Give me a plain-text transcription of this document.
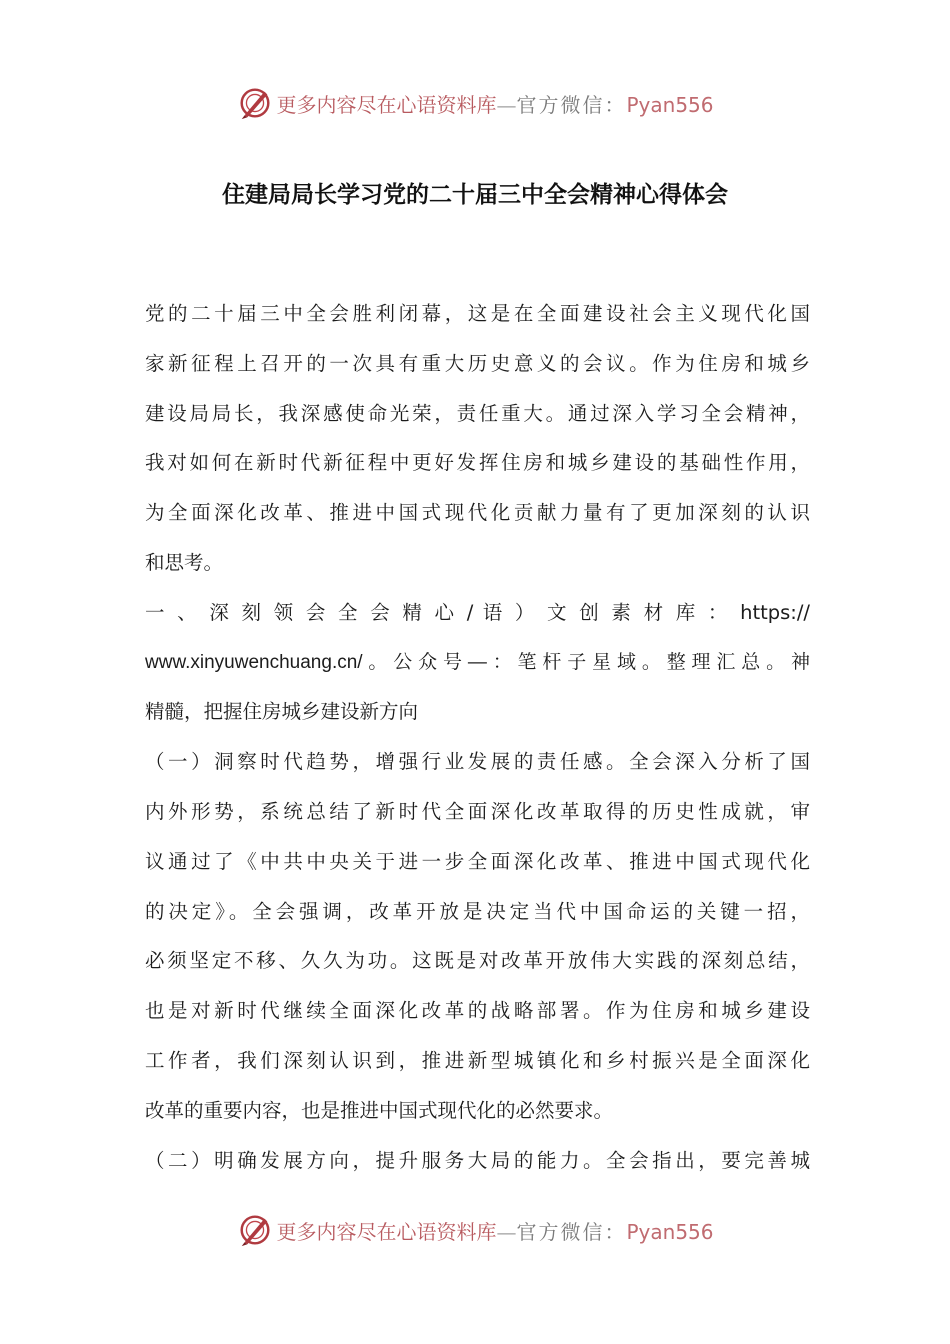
更多内容尽在心语资料库—官方微信：Pyan556
住建局局长学习党的二十届三中全会精神心得体会
党的二十届三中全会胜利闭幕，这是在全面建设社会主义现代化国
家新征程上召开的一次具有重大历史意义的会议。作为住房和城乡
建设局局长，我深感使命光荣，责任重大。通过深入学习全会精神，
我对如何在新时代新征程中更好发挥住房和城乡建设的基础性作用，
为全面深化改革、推进中国式现代化贡献力量有了更加深刻的认识
和思考。
一 、 深 刻 领 会 全 会 精 心 / 语 ） 文 创 素 材 库 ： https://
www.xinyuwenchuang.cn/。公众号—：笔杆子星域。整理汇总。神
精髓，把握住房城乡建设新方向
（一）洞察时代趋势，增强行业发展的责任感。全会深入分析了国
内外形势，系统总结了新时代全面深化改革取得的历史性成就，审
议通过了《中共中央关于进一步全面深化改革、推进中国式现代化
的决定》。全会强调，改革开放是决定当代中国命运的关键一招，
必须坚定不移、久久为功。这既是对改革开放伟大实践的深刻总结，
也是对新时代继续全面深化改革的战略部署。作为住房和城乡建设
工作者，我们深刻认识到，推进新型城镇化和乡村振兴是全面深化
改革的重要内容，也是推进中国式现代化的必然要求。
（二）明确发展方向，提升服务大局的能力。全会指出，要完善城
更多内容尽在心语资料库—官方微信：Pyan556
